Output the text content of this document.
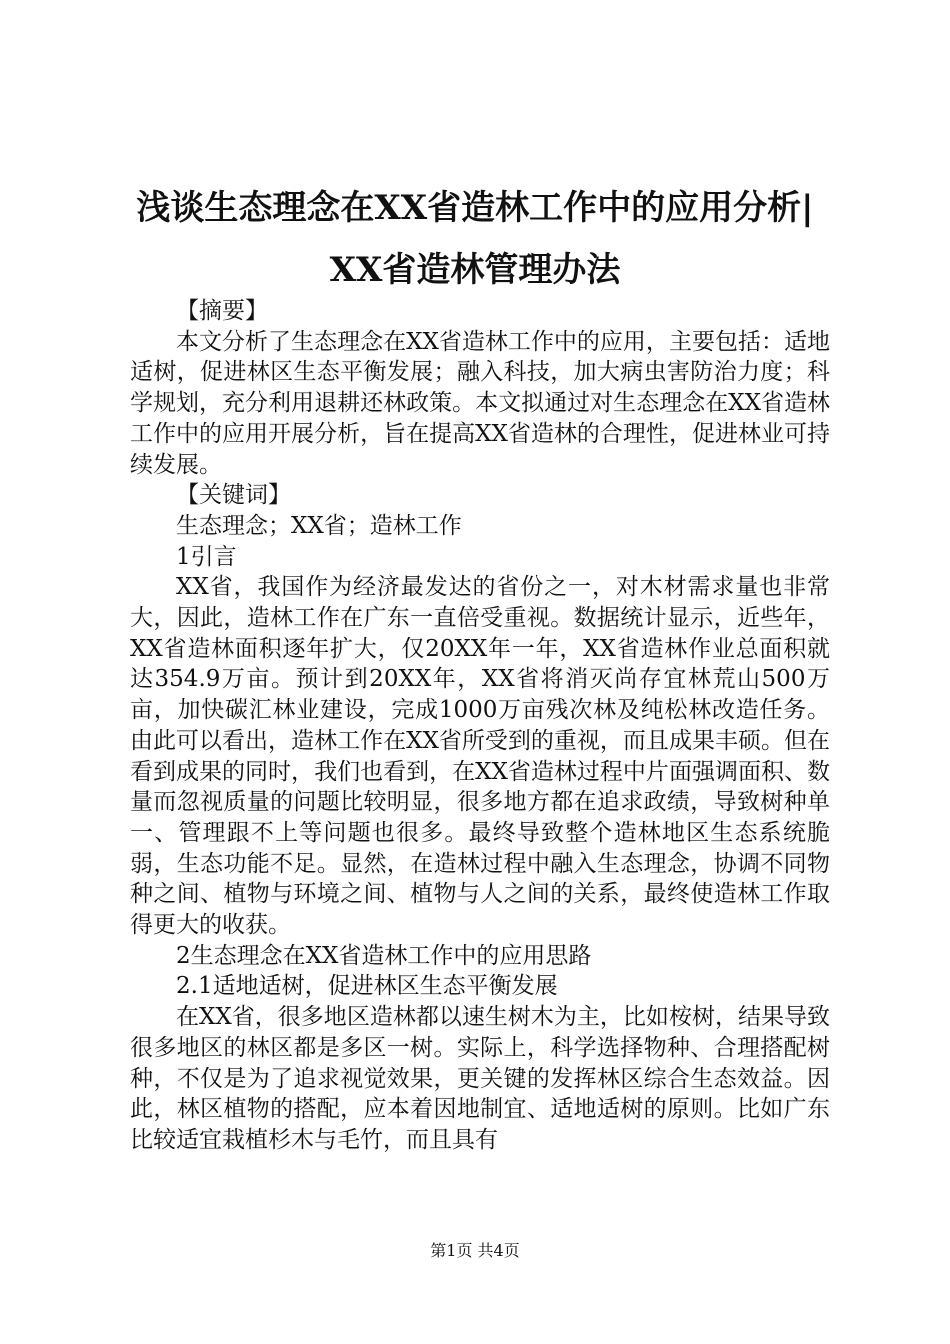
浅谈生态理念在XX省造林工作中的应用分析|
XX省造林管理办法

【摘要】

本文分析了生态理念在XX省造林工作中的应用，主要包括：适地适树，促进林区生态平衡发展；融入科技，加大病虫害防治力度；科学规划，充分利用退耕还林政策。本文拟通过对生态理念在XX省造林工作中的应用开展分析，旨在提高XX省造林的合理性，促进林业可持续发展。

【关键词】

生态理念；XX省；造林工作

1引言

XX省，我国作为经济最发达的省份之一，对木材需求量也非常大，因此，造林工作在广东一直倍受重视。数据统计显示，近些年，XX省造林面积逐年扩大，仅20XX年一年，XX省造林作业总面积就达354.9万亩。预计到20XX年，XX省将消灭尚存宜林荒山500万亩，加快碳汇林业建设，完成1000万亩残次林及纯松林改造任务。由此可以看出，造林工作在XX省所受到的重视，而且成果丰硕。但在看到成果的同时，我们也看到，在XX省造林过程中片面强调面积、数量而忽视质量的问题比较明显，很多地方都在追求政绩，导致树种单一、管理跟不上等问题也很多。最终导致整个造林地区生态系统脆弱，生态功能不足。显然，在造林过程中融入生态理念，协调不同物种之间、植物与环境之间、植物与人之间的关系，最终使造林工作取得更大的收获。

2生态理念在XX省造林工作中的应用思路

2.1适地适树，促进林区生态平衡发展

在XX省，很多地区造林都以速生树木为主，比如桉树，结果导致很多地区的林区都是多区一树。实际上，科学选择物种、合理搭配树种，不仅是为了追求视觉效果，更关键的发挥林区综合生态效益。因此，林区植物的搭配，应本着因地制宜、适地适树的原则。比如广东比较适宜栽植杉木与毛竹，而且具有

第1页 共4页
